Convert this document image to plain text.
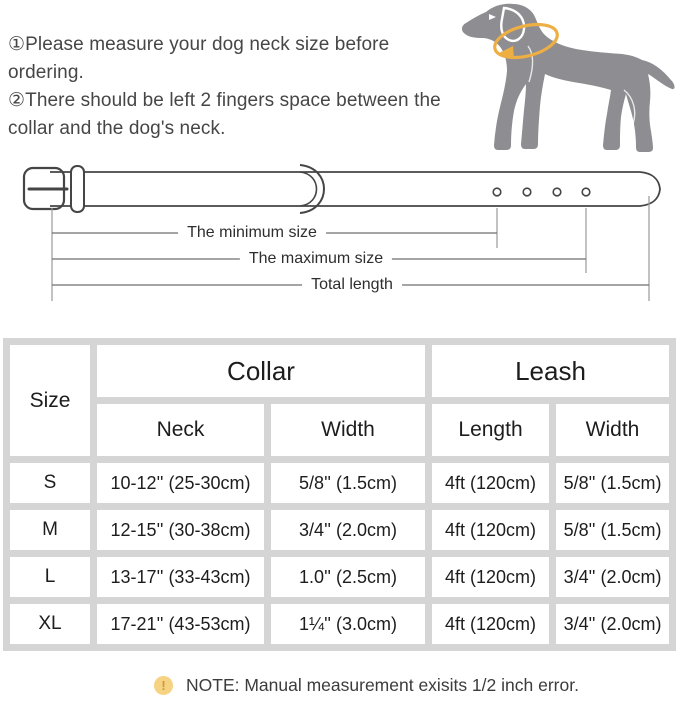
①Please measure your dog neck size before ordering.

②There should be left 2 fingers space between the collar and the dog's neck.

The minimum size
The maximum size
Total length
Size	Collar		Leash	
	Neck	Width	Length	Width
S	10-12'' (25-30cm)	5/8'' (1.5cm)	4ft (120cm)	5/8'' (1.5cm)
M	12-15'' (30-38cm)	3/4'' (2.0cm)	4ft (120cm)	5/8'' (1.5cm)
L	13-17'' (33-43cm)	1.0'' (2.5cm)	4ft (120cm)	3/4'' (2.0cm)
XL	17-21'' (43-53cm)	1¼'' (3.0cm)	4ft (120cm)	3/4'' (2.0cm)
!	NOTE: Manual measurement exisits 1/2 inch error.
